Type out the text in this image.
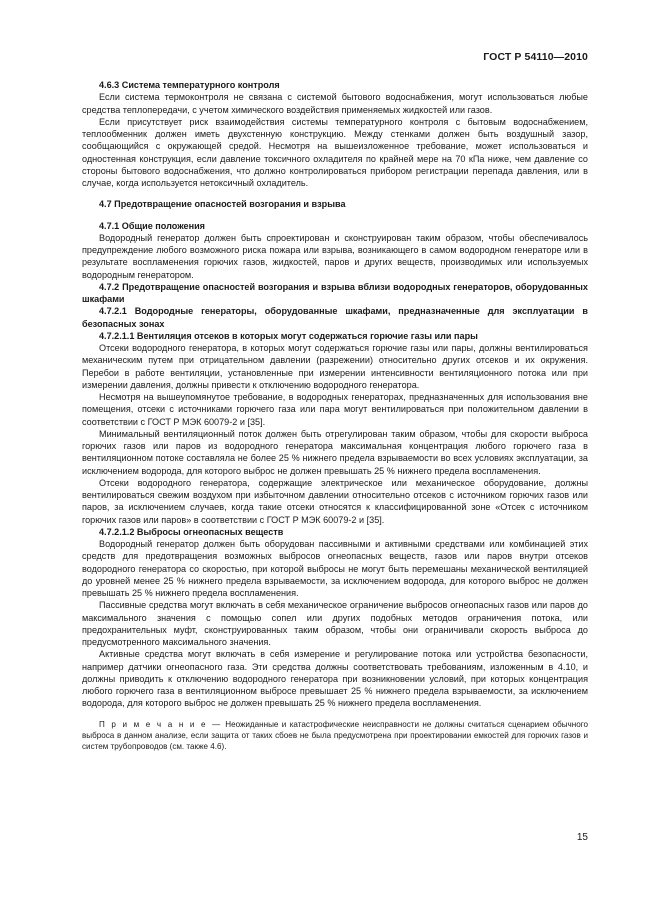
ГОСТ Р 54110—2010

4.6.3 Система температурного контроля

Если система термоконтроля не связана с системой бытового водоснабжения, могут использоваться любые средства теплопередачи, с учетом химического воздействия применяемых жидкостей или газов.

Если присутствует риск взаимодействия системы температурного контроля с бытовым водоснабжением, теплообменник должен иметь двухстенную конструкцию. Между стенками должен быть воздушный зазор, сообщающийся с окружающей средой. Несмотря на вышеизложенное требование, может использоваться и одностенная конструкция, если давление токсичного охладителя по крайней мере на 70 кПа ниже, чем давление со стороны бытового водоснабжения, что должно контролироваться прибором регистрации перепада давления, или в случае, когда используется нетоксичный охладитель.

4.7 Предотвращение опасностей возгорания и взрыва

4.7.1 Общие положения

Водородный генератор должен быть спроектирован и сконструирован таким образом, чтобы обеспечивалось предупреждение любого возможного риска пожара или взрыва, возникающего в самом водородном генераторе или в результате воспламенения горючих газов, жидкостей, паров и других веществ, производимых или используемых водородным генератором.

4.7.2 Предотвращение опасностей возгорания и взрыва вблизи водородных генераторов, оборудованных шкафами

4.7.2.1 Водородные генераторы, оборудованные шкафами, предназначенные для эксплуатации в безопасных зонах

4.7.2.1.1 Вентиляция отсеков в которых могут содержаться горючие газы или пары

Отсеки водородного генератора, в которых могут содержаться горючие газы или пары, должны вентилироваться механическим путем при отрицательном давлении (разрежении) относительно других отсеков и их окружения. Перебои в работе вентиляции, установленные при измерении интенсивности вентиляционного потока или при измерении давления, должны привести к отключению водородного генератора.

Несмотря на вышеупомянутое требование, в водородных генераторах, предназначенных для использования вне помещения, отсеки с источниками горючего газа или пара могут вентилироваться при положительном давлении в соответствии с ГОСТ Р МЭК 60079-2 и [35].

Минимальный вентиляционный поток должен быть отрегулирован таким образом, чтобы для скорости выброса горючих газов или паров из водородного генератора максимальная концентрация любого горючего газа в вентиляционном потоке составляла не более 25 % нижнего предела взрываемости во всех условиях эксплуатации, за исключением водорода, для которого выброс не должен превышать 25 % нижнего предела воспламенения.

Отсеки водородного генератора, содержащие электрическое или механическое оборудование, должны вентилироваться свежим воздухом при избыточном давлении относительно отсеков с источником горючих газов или паров, за исключением случаев, когда такие отсеки относятся к классифицированной зоне «Отсек с источником горючих газов или паров» в соответствии с ГОСТ Р МЭК 60079-2 и [35].

4.7.2.1.2 Выбросы огнеопасных веществ

Водородный генератор должен быть оборудован пассивными и активными средствами или комбинацией этих средств для предотвращения возможных выбросов огнеопасных веществ, газов или паров внутри отсеков водородного генератора со скоростью, при которой выбросы не могут быть перемешаны механической вентиляцией до уровней менее 25 % нижнего предела взрываемости, за исключением водорода, для которого выброс не должен превышать 25 % нижнего предела воспламенения.

Пассивные средства могут включать в себя механическое ограничение выбросов огнеопасных газов или паров до максимального значения с помощью сопел или других подобных методов ограничения потока, или предохранительных муфт, сконструированных таким образом, чтобы они ограничивали скорость выброса до предусмотренного максимального значения.

Активные средства могут включать в себя измерение и регулирование потока или устройства безопасности, например датчики огнеопасного газа. Эти средства должны соответствовать требованиям, изложенным в 4.10, и должны приводить к отключению водородного генератора при возникновении условий, при которых концентрация любого горючего газа в вентиляционном выбросе превышает 25 % нижнего предела взрываемости, за исключением водорода, для которого выброс не должен превышать 25 % нижнего предела воспламенения.

П р и м е ч а н и е — Неожиданные и катастрофические неисправности не должны считаться сценарием обычного выброса в данном анализе, если защита от таких сбоев не была предусмотрена при проектировании емкостей для горючих газов и систем трубопроводов (см. также 4.6).

15
